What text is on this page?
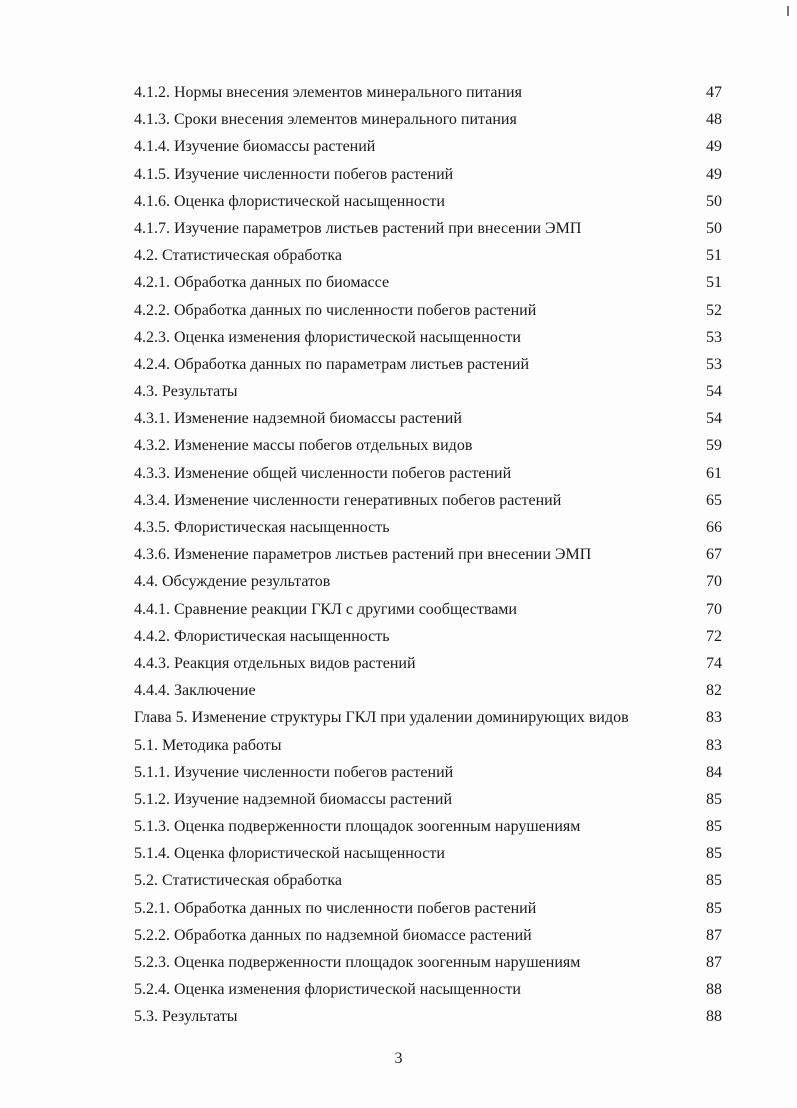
4.1.2. Нормы внесения элементов минерального питания	47
4.1.3. Сроки внесения элементов минерального питания	48
4.1.4. Изучение биомассы растений	49
4.1.5. Изучение численности побегов растений	49
4.1.6. Оценка флористической насыщенности	50
4.1.7. Изучение параметров листьев растений при внесении ЭМП	50
4.2. Статистическая обработка	51
4.2.1. Обработка данных по биомассе	51
4.2.2. Обработка данных по численности побегов растений	52
4.2.3. Оценка изменения флористической насыщенности	53
4.2.4. Обработка данных по параметрам листьев растений	53
4.3. Результаты	54
4.3.1. Изменение надземной биомассы растений	54
4.3.2. Изменение массы побегов отдельных видов	59
4.3.3. Изменение общей численности побегов растений	61
4.3.4. Изменение численности генеративных побегов растений	65
4.3.5. Флористическая насыщенность	66
4.3.6. Изменение параметров листьев растений при внесении ЭМП	67
4.4. Обсуждение результатов	70
4.4.1. Сравнение реакции ГКЛ с другими сообществами	70
4.4.2. Флористическая насыщенность	72
4.4.3. Реакция отдельных видов растений	74
4.4.4. Заключение	82
Глава 5. Изменение структуры ГКЛ при удалении доминирующих видов	83
5.1. Методика работы	83
5.1.1. Изучение численности побегов растений	84
5.1.2. Изучение надземной биомассы растений	85
5.1.3. Оценка подверженности площадок зоогенным нарушениям	85
5.1.4. Оценка флористической насыщенности	85
5.2. Статистическая обработка	85
5.2.1. Обработка данных по численности побегов растений	85
5.2.2. Обработка данных по надземной биомассе растений	87
5.2.3. Оценка подверженности площадок зоогенным нарушениям	87
5.2.4. Оценка изменения флористической насыщенности	88
5.3. Результаты	88
3
